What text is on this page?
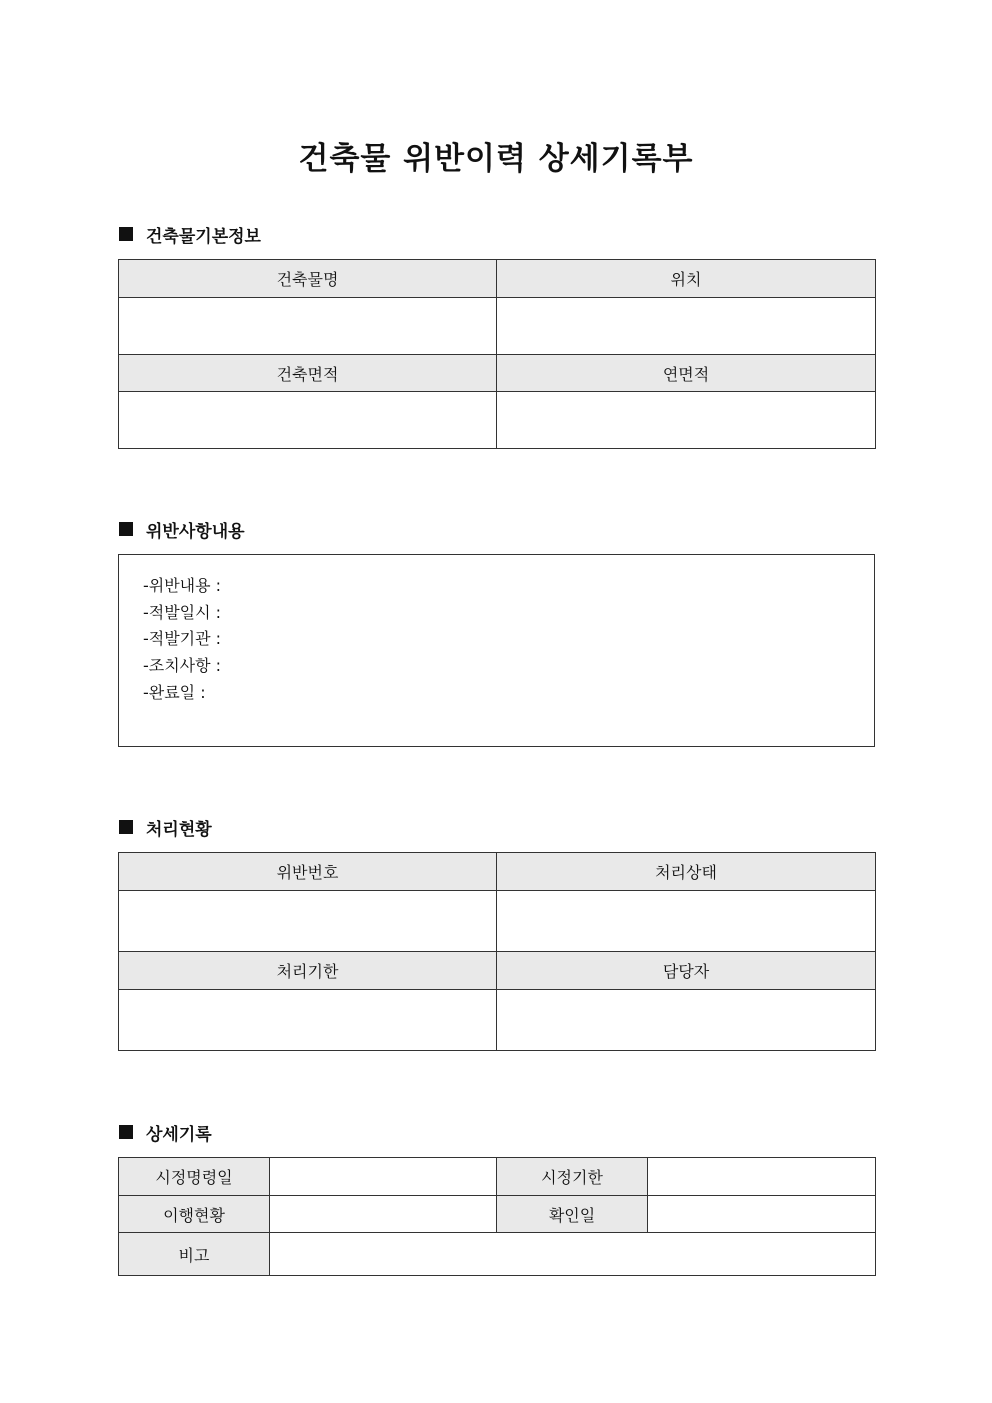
건축물 위반이력 상세기록부
건축물기본정보
건축물명	위치

건축면적	연면적

위반사항내용
-위반내용 :
-적발일시 :
-적발기관 :
-조치사항 :
-완료일 :
처리현황
위반번호	처리상태

처리기한	담당자

상세기록
시정명령일		시정기한	
이행현황		확인일	
비고			
